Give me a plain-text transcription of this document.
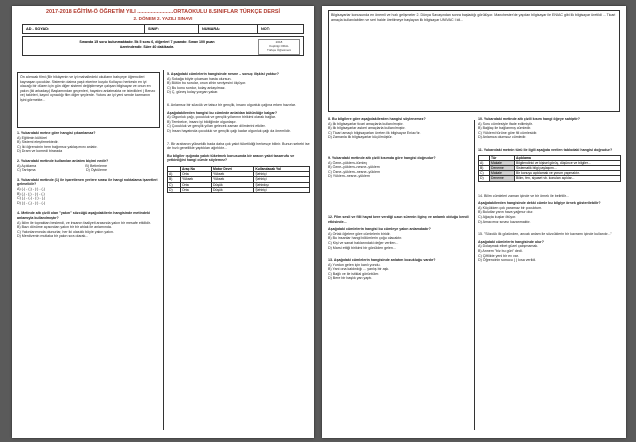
2017-2018 EĞİTİM-Ö ÖĞRETİM YILI ........................ORTAOKULU 8.SINIFLAR TÜRKÇE DERSİ
2. DÖNEM 2. YAZILI SINAVI
AD - SOYAD:	SINIF:	NUMARA:	NOT:
Sınavda 15 soru bulunmaktadır. İlk 5 soru 6, diğerleri 7 puandır. Sınav 100 puan
üzerindendir. Süre 40 dakikadır.
2018
Kuşbilgi ORAL
Türkçe Öğretmeni
Ön alımcak filmi (Bir hikâyenin ve iyi mahalledeki okulların bahçeye öğrencileri kaynaşan çocuklar. Sistemin daima yaşlı ekerine kuşdo Kollayıcı herkesin en iyi olacağı bir düzen için gün diğer sistemi değiştirmeye çalışan bilgisayar ve onun en yakın (iki arkadaşı) Başlamından geçenleri, hayatını anlatmakta ve istedikleri ( Benzo ve) takirleri, kaynıl oynadığı film diğer şeylerde. Yutoru an iyi yeni sende karmanın İşini görmekte...
1. Yukarıdaki metne göre hangisi çıkarılamaz?
A) Eğitimin kültürel
B) Sistemi eleştirmektedir.
C) İki öğrencinin hem bağımsız yaklaşımını anlatır.
D) Dram ve komedi birarada
2. Yukarıdaki metinde kullanılan anlatım biçimi nedir?
A) Açıklama	B) Betimleme
C) Tartışma	D) Öyküleme
3. Yukarıdaki metinde (1) ile işaretlenen yerlere sırası ile hangi noktalama işaretleri gelmelidir?
A) (-) - (;) - (:) - (,)
B) (,) - (;) - (:) - (.)
C) (,) - (-) - (:) - (,)
D) (;) - (,) - (:) - (-)
4- Metinde altı çizili olan "yakın" sözcüğü aşağıdakilerin hangisinde metindeki anlamıyla kullanılmıştır?
A) İklim ile topraktan beslendi, ve insanın faaliyeti arasında yakın bir mesafe etkilidir.
B) Bazı dönüme açısından yakın bir bir ahlak ile anlamında.
C) Yakınlarımında olunurlar, her iki olasılık böyle yakın yakın.
D) Merdivenin mutlaka bir yakın sıra olarak...
5. Aşağıdaki cümlelerin hangisinde nesne – sonuç ilişkisi yoktur?
A) Sokağa böyle çıkarsan hasta olursun.
B) Bütün bu sorular, onun zihin seviyesini ölçüyor.
C) Bu konu sordur, kolay anlaşılmaz.
D) Ç, güneş kolay yorgan yakar.
6. Anlamsız bir sözcük ve tatsız bir gençlik, insanı olgunluk çağına erken hazırlar.
Aşağıdakilerden hangisi bu cümlede anlatılan bütünlüğe kalgar?
A) Olgunluk çağı, çocukluk ve gençlik yıllarının birikimi olarak bağlar.
B) Tembelce, insanı iyi bildiğinde olgunlaşır.
C) Çocukluk ve gençlik yılları gelecek zaman dilimlerini etkiler.
D) İnsan hayatında çocukluk ve gençlik çağı kadar olgunluk çağı da önemlidir.
7. Bir arabanın yükseklik bada daha çok yakıt tüketildiği herkesçe bilinir. Bunun sebebi ise de hızlı genellikle yaptıkları ağırlıktır...
Bu bilgiler ışığında yakıtı tüketmek konusunda bir aracın yakıt tasarrufu ve yetkinliğini hangi cümle söylemez?
	Araç No	Motor Devri	Kullanılacak Yol
A)	Orta	Yüksek	Şehiriçi
B)	Yüksek	Yüksek	Şehiriçi
C)	Orta	Düşük	Şehirdışı
D)	Orta	Düşük	Şehiriçi
Bilgisayarlar konusunda en önemli ve hızlı gelişmeler 2. Dünya Savaşından sonra başladığı görülüyor. Manchester'de yapılan bilgisayar ile ENIAC gibi ilk bilgisayar üretildi ... Ticari amaçla kullanılabilen ve seri halde üretilmeye başlayan ilk bilgisayar UNIVAC I idi...
8. Bu bilgilere göre aşağıdakilerden hangisi söylenemez?
A) İlk bilgisayarlar ticari amaçlarla kullanılmıştır.
B) İlk bilgisayarlar askeri amaçlarla kullanılmıştır.
C) Ticari amaçlı bilgisayarları üreten ilk bilgisayar Eniac'tır.
D) Zamanla ilk bilgisayarlar küçülmüştür.
9. Yukarıdaki metinde altı çizili kısımda göre hangisi doğrudur?
A) Özne–yüklem–tümleç
B) Özne–yüklem–nesne–yüklem
C) Özne–yüklem–nesne–yüklem
D) Yüklem–nesne–yüklem
12. Film sesli ve filli hayat kere verdiği uzun sürenin ilginç ve anlamlı olduğu kendi etkisinde...
Aşağıdaki cümlelerin hangisi bu cümleye yakın anlamdadır?
A) Ortak öğelere göre cümlelerin biridir.
B) Bu insanlar hangi bölümlerin çoğu olacaktır.
C) Kişi ve sanat haklarındaki değer verilen...
D) Marsi ettiği birikimi bir gönülden gelen...
13. Aşağıdaki cümlelerin hangisinde anlatım bozukluğu vardır?
A) Yurdun gelen için kanlı yondu.
B) Yani ona kaldırdığı ... yanlış bir aşk.
C) Bağlı ve ile istiklal görüntüler.
D) Bere bir başlık yan yaptı.
10. Yukarıdaki metinde altı çizili kısım hangi öğeye sahiptir?
A) Soru cümlesiyle ifade edilmiştir.
B) Bağlaç ile bağlanmış cümledir.
C) Yüklemi türüne göre fiil cümlesidir.
D) Anlamca olumsuz cümledir.
11. Yukarıdaki metnin türü ile ilgili aşağıda verilen tablodaki hangisi doğrudur?
	Tür	Açıklama
A)	Makale	Bilgilendirici ve kişisel görüş, düşünce ve bilgiler...
B)	Deneme	Sistematik bilgi paylaşımı...
C)	Makale	Bir konuyu açıklamak ve yorum yapmaktır.
D)	Deneme	Bilim, fen, siyaset vb. konuları açıklar...
14. Bilim cümleleri zaman içinde ve bir örnek ile belirtilir...
Aşağıdakilerden hangisinde dekki cümle bu bilgiye örnek gösterilebilir?
A) Küçükken çok yaramaz bir çocuktum.
B) Bulutlar yarın hava yağmur olur.
C) Ağaçta kuşlar ötüyor.
D) Amacımız sınavı kazanmaktır.
15. "Sözcük ilk gözünden, ancak anlam ile sözcüklerin bir kavramı içinde kullanılır..."
Aşağıdaki cümlelerin hangisinde olur?
A) Dolaşmak elbet güzel çalışmamak.
B) Annem "biz bu gün" dedi.
C) Çiftlikte yeni bir ev var.
D) Öğrencinin sonucu ( ) kısa verildi.
